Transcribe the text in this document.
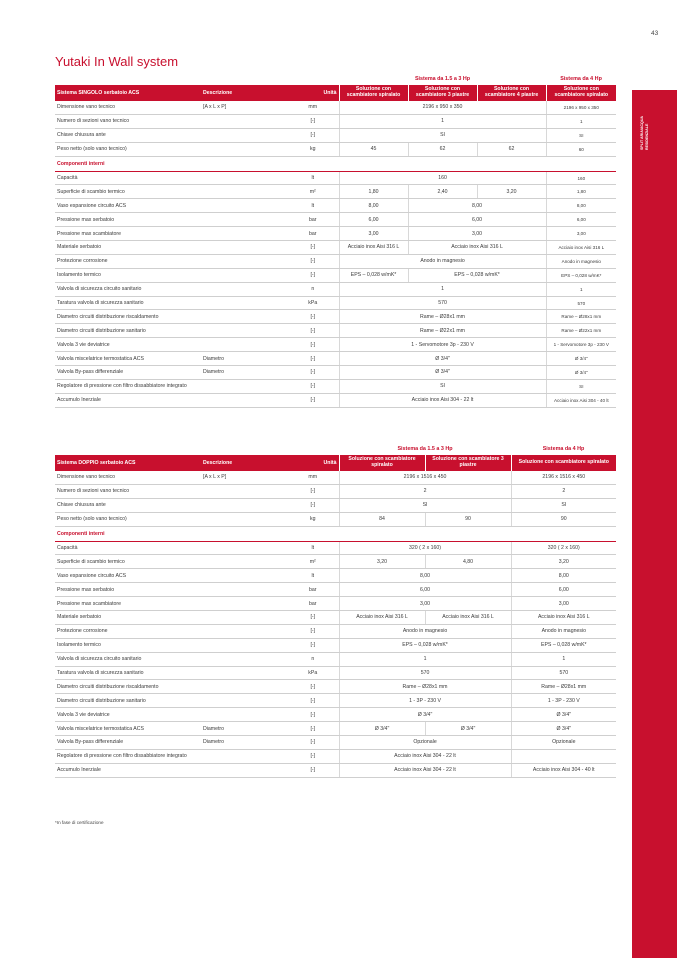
43
SPLIT ARIA/ACQUA RESIDENZIALE
Yutaki In Wall system
			Sistema da 1.5 a 3 Hp			Sistema da 4 Hp
Sistema SINGOLO serbatoio ACS	Descrizione	Unità	Soluzione con scambiatore spiralato	Soluzione con scambiatore 3 piastre	Soluzione con scambiatore 4 piastre	Soluzione con scambiatore spiralato
Dimensione vano tecnico	[A x L x P]	mm	2196 x 950 x 350			2196 x 950 x 350
Numero di sezioni vano tecnico		[-]	1			1
Chiave chiusura ante		[-]	SI			SI
Peso netto (solo vano tecnico)		kg	45	62	62	60
Componenti interni						
Capacità		lt	160			160
Superficie di scambio termico		m²	1,80	2,40	3,20	1,80
Vaso espansione circuito ACS		lt	8,00	8,00		8,00
Pressione max serbatoio		bar	6,00	6,00		6,00
Pressione max scambiatore		bar	3,00	3,00		3,00
Materiale serbatoio		[-]	Acciaio inox Aisi 316 L	Acciaio inox Aisi 316 L		Acciaio inox Aisi 316 L
Protezione corrosione		[-]	Anodo in magnesio			Anodo in magnesio
Isolamento termico		[-]	EPS – 0,028 w/mK*	EPS – 0,028 w/mK*		EPS – 0,028 w/mK*
Valvola di sicurezza circuito sanitario		n	1			1
Taratura valvola di sicurezza sanitario		kPa	570			570
Diametro circuiti distribuzione riscaldamento		[-]	Rame – Ø28x1 mm			Rame – Ø28x1 mm
Diametro circuiti distribuzione sanitario		[-]	Rame – Ø22x1 mm			Rame – Ø22x1 mm
Valvola 3 vie deviatrice		[-]	1 - Servomotore 3p - 230 V			1 - Servomotore 3p - 230 V
Valvola miscelatrice termostatica ACS	Diametro	[-]	Ø 3/4"			Ø 3/4"
Valvola By-pass differenziale	Diametro	[-]	Ø 3/4"			Ø 3/4"
Regolatore di pressione con filtro dissabbiatore integrato		[-]	SI			SI
Accumulo Inerziale		[-]	Acciaio inox Aisi 304 - 22 lt			Acciaio inox Aisi 304 - 40 lt
			Sistema da 1.5 a 3 Hp		Sistema da 4 Hp
Sistema DOPPIO serbatoio ACS	Descrizione	Unità	Soluzione con scambiatore spiralato	Soluzione con scambiatore 3 piastre	Soluzione con scambiatore spiralato
Dimensione vano tecnico	[A x L x P]	mm	2196 x 1516 x 450		2196 x 1516 x 450
Numero di sezioni vano tecnico		[-]	2		2
Chiave chiusura ante		[-]	SI		SI
Peso netto (solo vano tecnico)		kg	84	90	90
Componenti interni					
Capacità		lt	320 ( 2 x 160)		320 ( 2 x 160)
Superficie di scambio termico		m²	3,20	4,80	3,20
Vaso espansione circuito ACS		lt	8,00		8,00
Pressione max serbatoio		bar	6,00		6,00
Pressione max scambiatore		bar	3,00		3,00
Materiale serbatoio		[-]	Acciaio inox Aisi 316 L	Acciaio inox Aisi 316 L	Acciaio inox Aisi 316 L
Protezione corrosione		[-]	Anodo in magnesio		Anodo in magnesio
Isolamento termico		[-]	EPS – 0,028 w/mK*		EPS – 0,028 w/mK*
Valvola di sicurezza circuito sanitario		n	1		1
Taratura valvola di sicurezza sanitario		kPa	570		570
Diametro circuiti distribuzione riscaldamento		[-]	Rame – Ø28x1 mm		Rame – Ø28x1 mm
Diametro circuiti distribuzione sanitario		[-]	1 - 3P - 230 V		1 - 3P - 230 V
Valvola 3 vie deviatrice		[-]	Ø 3/4"		Ø 3/4"
Valvola miscelatrice termostatica ACS	Diametro	[-]	Ø 3/4"	Ø 3/4"	Ø 3/4"
Valvola By-pass differenziale	Diametro	[-]	Opzionale		Opzionale
Regolatore di pressione con filtro dissabbiatore integrato		[-]	Acciaio inox Aisi 304 - 22 lt		
Accumulo Inerziale		[-]	Acciaio inox Aisi 304 - 22 lt		Acciaio inox Aisi 304 - 40 lt
*In fase di certificazione
